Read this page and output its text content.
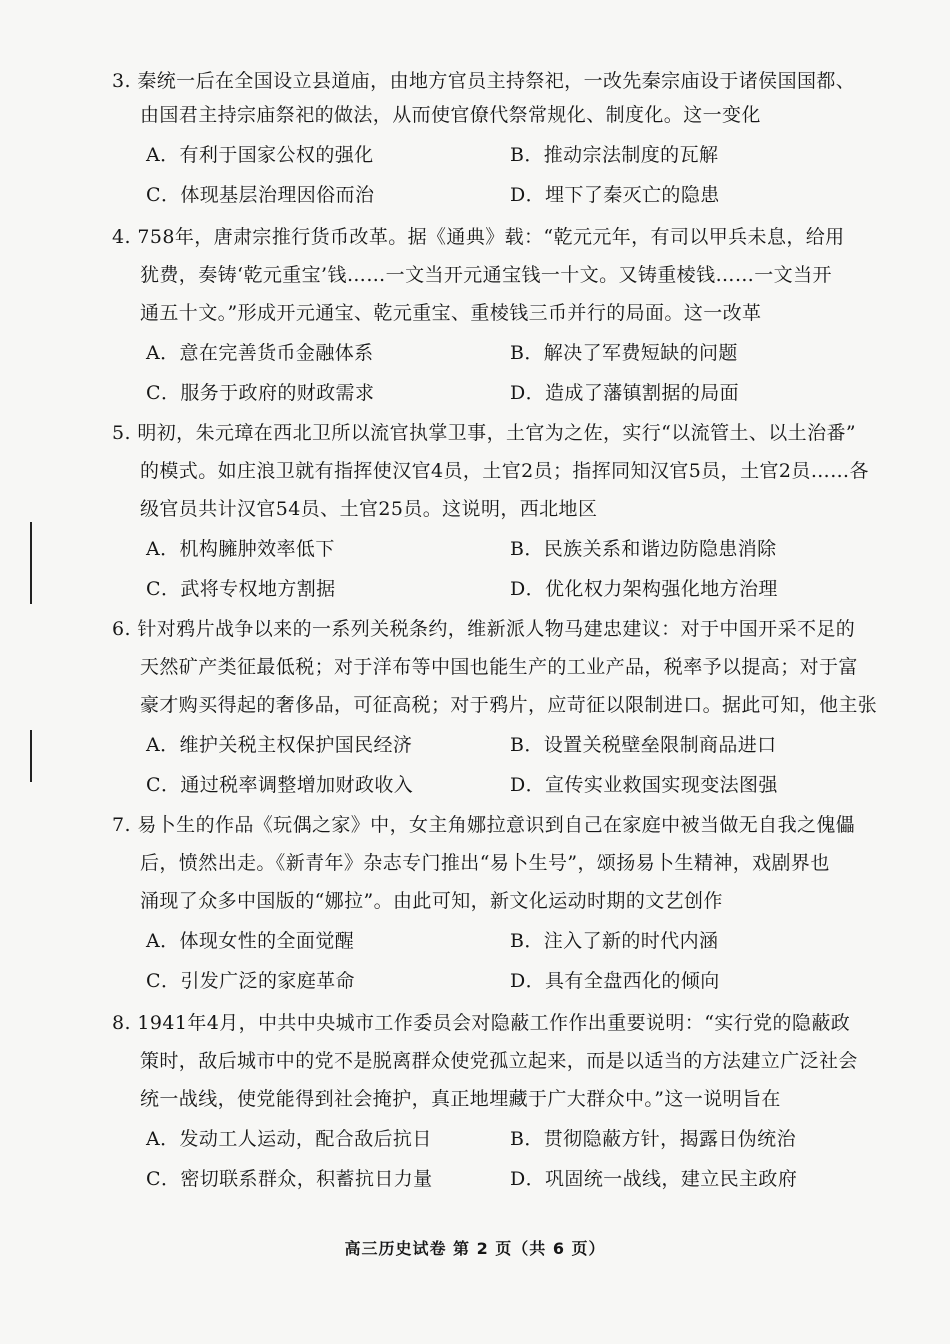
3. 秦统一后在全国设立县道庙，由地方官员主持祭祀，一改先秦宗庙设于诸侯国国都、
由国君主持宗庙祭祀的做法，从而使官僚代祭常规化、制度化。这一变化
A．有利于国家公权的强化	B．推动宗法制度的瓦解
C．体现基层治理因俗而治	D．埋下了秦灭亡的隐患
4. 758年，唐肃宗推行货币改革。据《通典》载：“乾元元年，有司以甲兵未息，给用
犹费，奏铸‘乾元重宝’钱……一文当开元通宝钱一十文。又铸重棱钱……一文当开
通五十文。”形成开元通宝、乾元重宝、重棱钱三币并行的局面。这一改革
A．意在完善货币金融体系	B．解决了军费短缺的问题
C．服务于政府的财政需求	D．造成了藩镇割据的局面
5. 明初，朱元璋在西北卫所以流官执掌卫事，土官为之佐，实行“以流管土、以土治番”
的模式。如庄浪卫就有指挥使汉官4员，土官2员；指挥同知汉官5员，土官2员……各
级官员共计汉官54员、土官25员。这说明，西北地区
A．机构臃肿效率低下	B．民族关系和谐边防隐患消除
C．武将专权地方割据	D．优化权力架构强化地方治理
6. 针对鸦片战争以来的一系列关税条约，维新派人物马建忠建议：对于中国开采不足的
天然矿产类征最低税；对于洋布等中国也能生产的工业产品，税率予以提高；对于富
豪才购买得起的奢侈品，可征高税；对于鸦片，应苛征以限制进口。据此可知，他主张
A．维护关税主权保护国民经济	B．设置关税壁垒限制商品进口
C．通过税率调整增加财政收入	D．宣传实业救国实现变法图强
7. 易卜生的作品《玩偶之家》中，女主角娜拉意识到自己在家庭中被当做无自我之傀儡
后，愤然出走。《新青年》杂志专门推出“易卜生号”，颂扬易卜生精神，戏剧界也
涌现了众多中国版的“娜拉”。由此可知，新文化运动时期的文艺创作
A．体现女性的全面觉醒	B．注入了新的时代内涵
C．引发广泛的家庭革命	D．具有全盘西化的倾向
8. 1941年4月，中共中央城市工作委员会对隐蔽工作作出重要说明：“实行党的隐蔽政
策时，敌后城市中的党不是脱离群众使党孤立起来，而是以适当的方法建立广泛社会
统一战线，使党能得到社会掩护，真正地埋藏于广大群众中。”这一说明旨在
A．发动工人运动，配合敌后抗日	B．贯彻隐蔽方针，揭露日伪统治
C．密切联系群众，积蓄抗日力量	D．巩固统一战线，建立民主政府
高三历史试卷 第 2 页（共 6 页）
